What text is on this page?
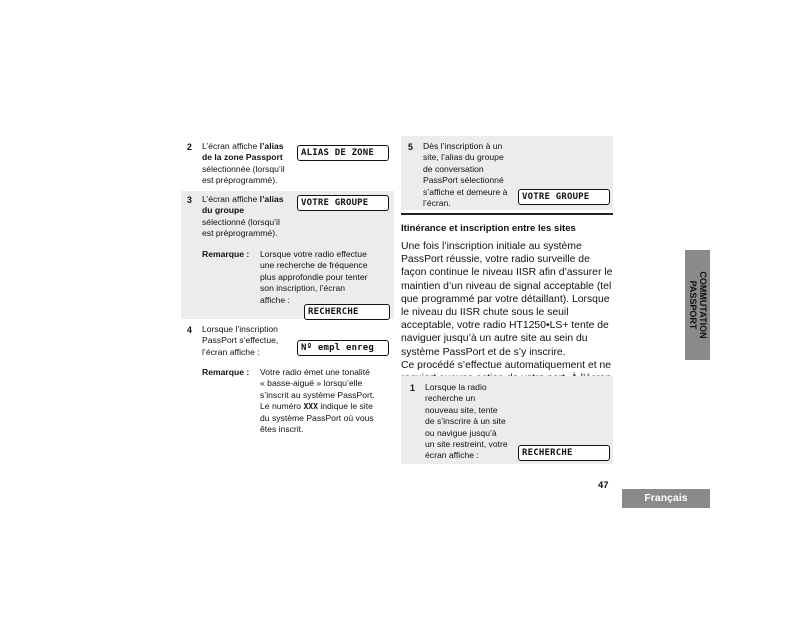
2 L’écran affiche l’alias
de la zone Passport
sélectionnée (lorsqu’il
est préprogrammé).
ALIAS DE ZONE
3 L’écran affiche l’alias
du groupe
sélectionné (lorsqu’il
est préprogrammé).
VOTRE GROUPE
Remarque : Lorsque votre radio effectue
une recherche de fréquence
plus approfondie pour tenter
son inscription, l’écran
affiche :
RECHERCHE
4 Lorsque l’inscription
PassPort s’effectue,
l’écran affiche :	Nº empl enreg
Remarque : Votre radio émet une tonalité
« basse-aiguë » lorsqu’elle
s’inscrit au système PassPort.
Le numéro XXX indique le site
du système PassPort où vous
êtes inscrit.
5 Dès l’inscription à un
site, l’alias du groupe
de conversation
PassPort sélectionné
s’affiche et demeure à
l’écran.
VOTRE GROUPE
Itinérance et inscription entre les sites
Une fois l’inscription initiale au système
PassPort réussie, votre radio surveille de
façon continue le niveau IISR afin d’assurer le
maintien d’un niveau de signal acceptable (tel
que programmé par votre détaillant). Lorsque
le niveau du IISR chute sous le seuil
acceptable, votre radio HT1250•LS+ tente de
naviguer jusqu’à un autre site au sein du
système PassPort et de s’y inscrire.
Ce procédé s’effectue automatiquement et ne
1 Lorsque la radio
recherche un
nouveau site, tente
de s’inscrire à un site
ou navigue jusqu’à
un site restreint, votre
écran affiche :	RECHERCHE
47
COMMUTATION
PASSPORT
Français
